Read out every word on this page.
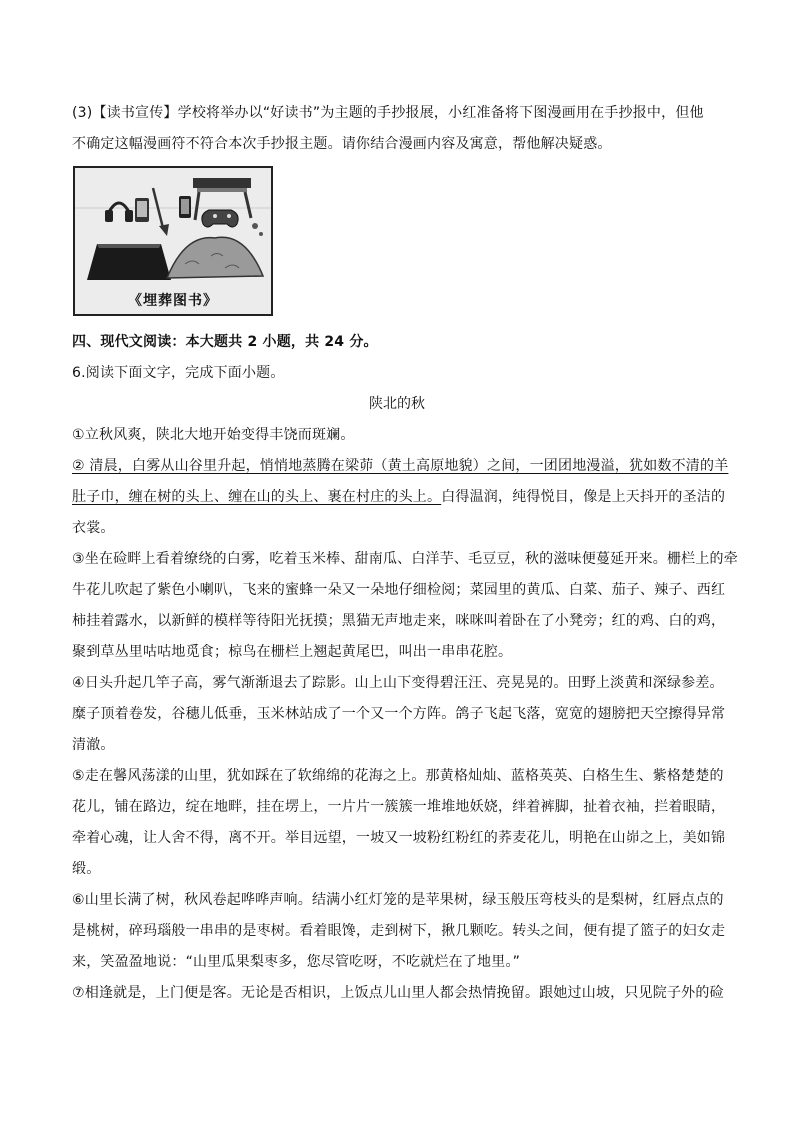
(3)【读书宣传】学校将举办以“好读书”为主题的手抄报展，小红准备将下图漫画用在手抄报中，但他
不确定这幅漫画符不符合本次手抄报主题。请你结合漫画内容及寓意，帮他解决疑惑。
《埋葬图书》
四、现代文阅读：本大题共 2 小题，共 24 分。
6.阅读下面文字，完成下面小题。
陕北的秋
①立秋风爽，陕北大地开始变得丰饶而斑斓。
② 清晨，白雾从山谷里升起，悄悄地蒸腾在梁茆（黄土高原地貌）之间，一团团地漫溢，犹如数不清的羊
肚子巾，缠在树的头上、缠在山的头上、裹在村庄的头上。白得温润，纯得悦目，像是上天抖开的圣洁的
衣裳。
③坐在硷畔上看着缭绕的白雾，吃着玉米棒、甜南瓜、白洋芋、毛豆豆，秋的滋味便蔓延开来。栅栏上的牵
牛花儿吹起了紫色小喇叭，飞来的蜜蜂一朵又一朵地仔细检阅；菜园里的黄瓜、白菜、茄子、辣子、西红
柿挂着露水，以新鲜的模样等待阳光抚摸；黑猫无声地走来，咪咪叫着卧在了小凳旁；红的鸡、白的鸡，
聚到草丛里咕咕地觅食；椋鸟在栅栏上翘起黄尾巴，叫出一串串花腔。
④日头升起几竿子高，雾气渐渐退去了踪影。山上山下变得碧汪汪、亮晃晃的。田野上淡黄和深绿参差。
糜子顶着卷发，谷穗儿低垂，玉米林站成了一个又一个方阵。鸽子飞起飞落，宽宽的翅膀把天空擦得异常
清澈。
⑤走在馨风荡漾的山里，犹如踩在了软绵绵的花海之上。那黄格灿灿、蓝格英英、白格生生、紫格楚楚的
花儿，铺在路边，绽在地畔，挂在塄上，一片片一簇簇一堆堆地妖娆，绊着裤脚，扯着衣袖，拦着眼睛，
牵着心魂，让人舍不得，离不开。举目远望，一坡又一坡粉红粉红的荞麦花儿，明艳在山峁之上，美如锦
缎。
⑥山里长满了树，秋风卷起哗哗声响。结满小红灯笼的是苹果树，绿玉般压弯枝头的是梨树，红唇点点的
是桃树，碎玛瑙般一串串的是枣树。看着眼馋，走到树下，揪几颗吃。转头之间，便有提了篮子的妇女走
来，笑盈盈地说：“山里瓜果梨枣多，您尽管吃呀，不吃就烂在了地里。”
⑦相逢就是，上门便是客。无论是否相识，上饭点儿山里人都会热情挽留。跟她过山坡，只见院子外的硷
